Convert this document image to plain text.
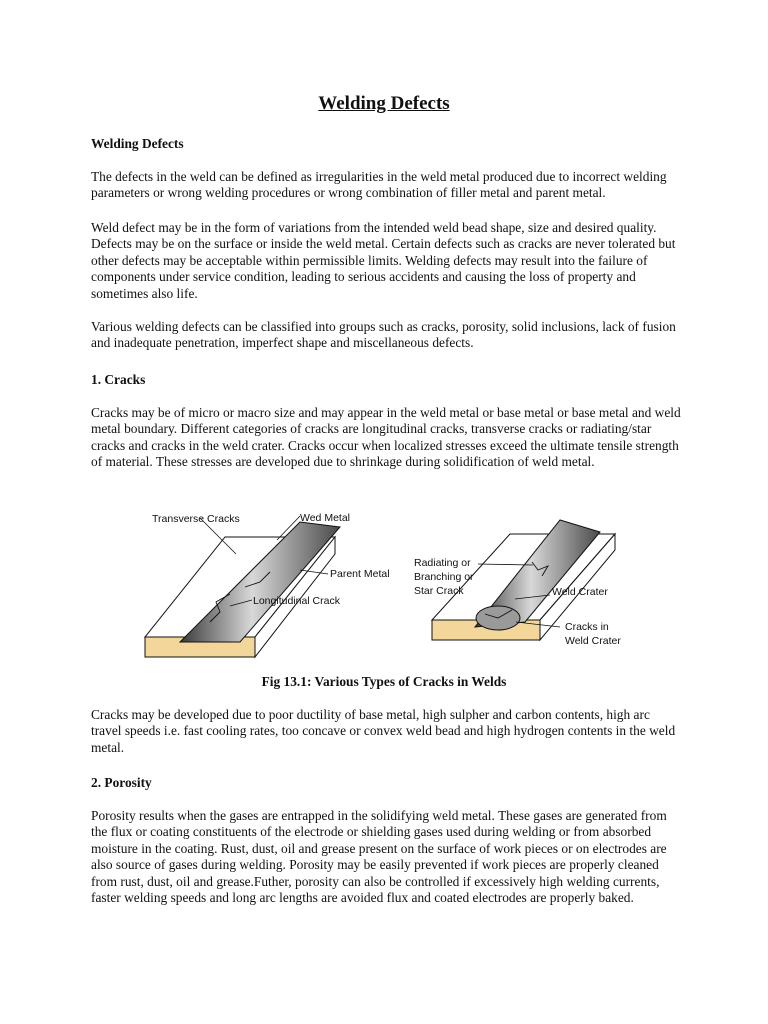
Welding Defects

Welding Defects

The defects in the weld can be defined as irregularities in the weld metal produced due to incorrect welding parameters or wrong welding procedures or wrong combination of filler metal and parent metal.

Weld defect may be in the form of variations from the intended weld bead shape, size and desired quality. Defects may be on the surface or inside the weld metal. Certain defects such as cracks are never tolerated but other defects may be acceptable within permissible limits. Welding defects may result into the failure of components under service condition, leading to serious accidents and causing the loss of property and sometimes also life.

Various welding defects can be classified into groups such as cracks, porosity, solid inclusions, lack of fusion and inadequate penetration, imperfect shape and miscellaneous defects.

1. Cracks

Cracks may be of micro or macro size and may appear in the weld metal or base metal or base metal and weld metal boundary. Different categories of cracks are longitudinal cracks, transverse cracks or radiating/star cracks and cracks in the weld crater. Cracks occur when localized stresses exceed the ultimate tensile strength of material. These stresses are developed due to shrinkage during solidification of weld metal.

Transverse Cracks	Wed Metal
Parent Metal
Longitudinal Crack
Radiating or
Branching or
Star Crack	Weld Crater
Cracks in
Weld Crater

Fig 13.1: Various Types of Cracks in Welds

Cracks may be developed due to poor ductility of base metal, high sulpher and carbon contents, high arc travel speeds i.e. fast cooling rates, too concave or convex weld bead and high hydrogen contents in the weld metal.

2. Porosity

Porosity results when the gases are entrapped in the solidifying weld metal. These gases are generated from the flux or coating constituents of the electrode or shielding gases used during welding or from absorbed moisture in the coating. Rust, dust, oil and grease present on the surface of work pieces or on electrodes are also source of gases during welding. Porosity may be easily prevented if work pieces are properly cleaned from rust, dust, oil and grease.Futher, porosity can also be controlled if excessively high welding currents, faster welding speeds and long arc lengths are avoided flux and coated electrodes are properly baked.
